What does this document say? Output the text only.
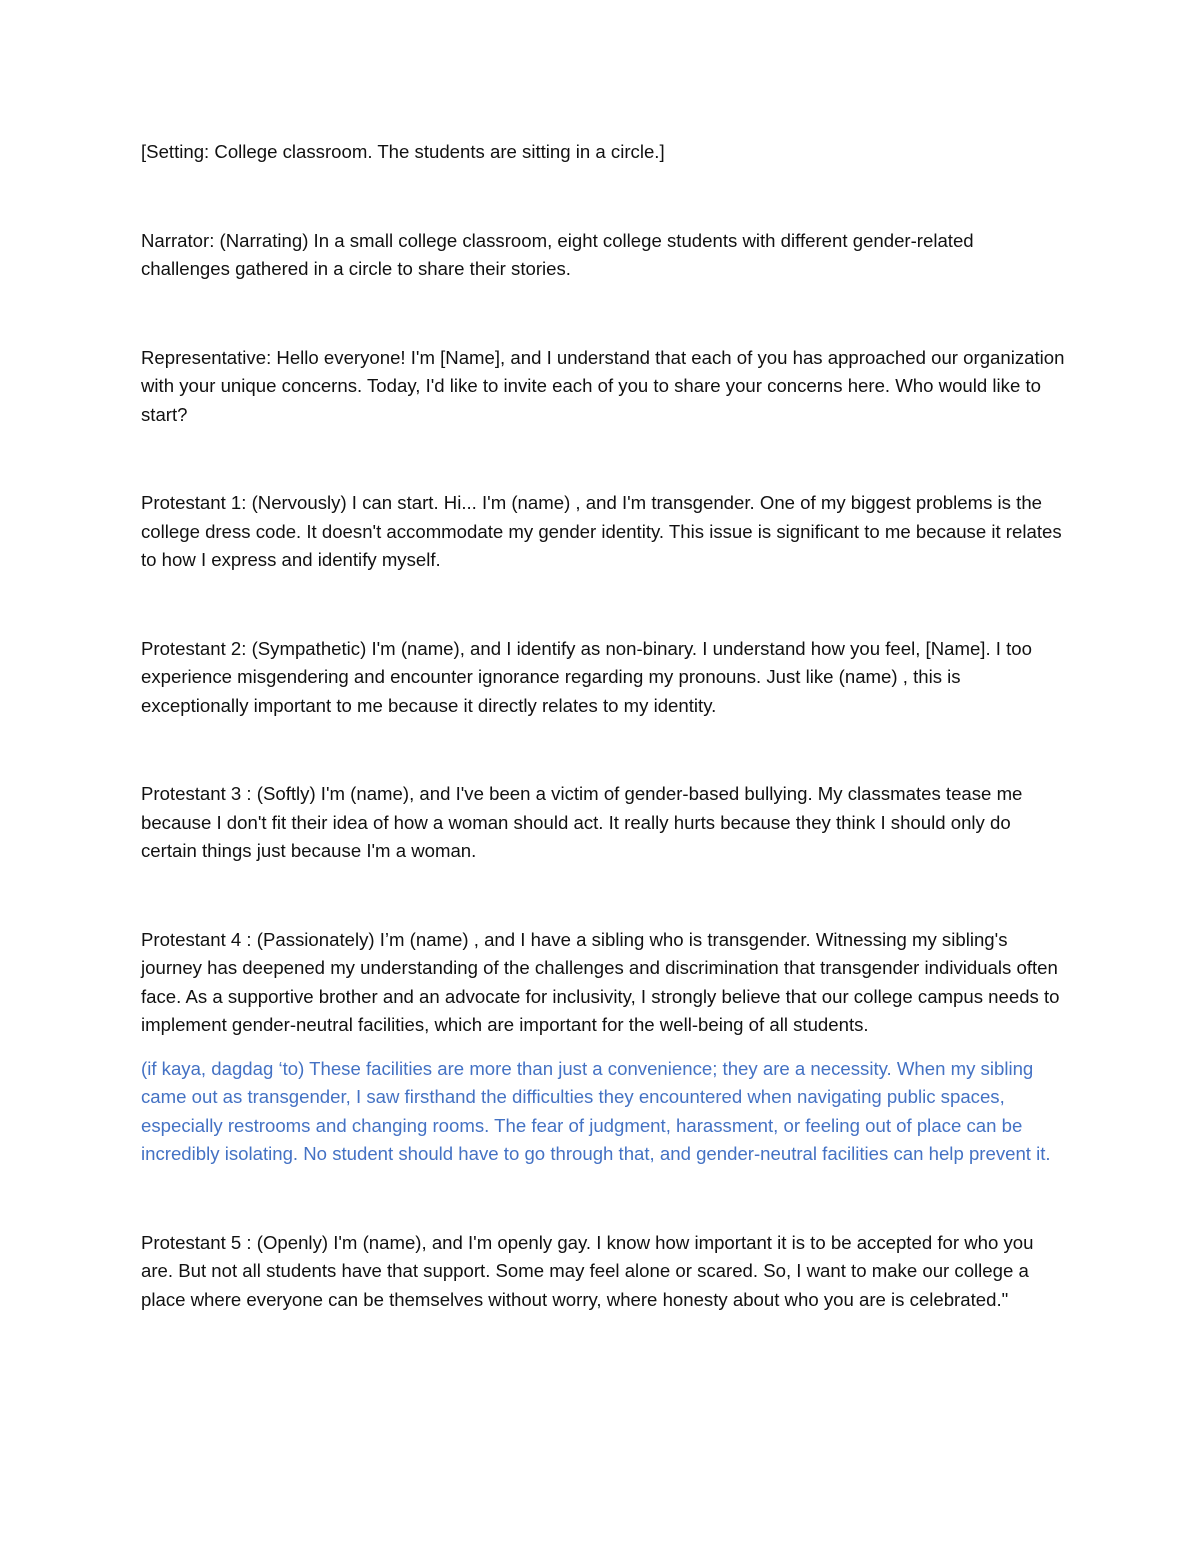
[Setting: College classroom. The students are sitting in a circle.]

Narrator: (Narrating) In a small college classroom, eight college students with different gender-related challenges gathered in a circle to share their stories.

Representative: Hello everyone! I'm [Name], and I understand that each of you has approached our organization with your unique concerns. Today, I'd like to invite each of you to share your concerns here. Who would like to start?

Protestant 1: (Nervously) I can start. Hi... I'm (name) , and I'm transgender. One of my biggest problems is the college dress code. It doesn't accommodate my gender identity. This issue is significant to me because it relates to how I express and identify myself.

Protestant 2: (Sympathetic) I'm (name), and I identify as non-binary. I understand how you feel, [Name]. I too experience misgendering and encounter ignorance regarding my pronouns. Just like (name) , this is exceptionally important to me because it directly relates to my identity.

Protestant 3 : (Softly) I'm (name), and I've been a victim of gender-based bullying. My classmates tease me because I don't fit their idea of how a woman should act. It really hurts because they think I should only do certain things just because I'm a woman.

Protestant 4 : (Passionately) I’m (name) , and I have a sibling who is transgender. Witnessing my sibling's journey has deepened my understanding of the challenges and discrimination that transgender individuals often face. As a supportive brother and an advocate for inclusivity, I strongly believe that our college campus needs to implement gender-neutral facilities, which are important for the well-being of all students.

(if kaya, dagdag ‘to) These facilities are more than just a convenience; they are a necessity. When my sibling came out as transgender, I saw firsthand the difficulties they encountered when navigating public spaces, especially restrooms and changing rooms. The fear of judgment, harassment, or feeling out of place can be incredibly isolating. No student should have to go through that, and gender-neutral facilities can help prevent it.

Protestant 5 : (Openly) I'm (name), and I'm openly gay. I know how important it is to be accepted for who you are. But not all students have that support. Some may feel alone or scared. So, I want to make our college a place where everyone can be themselves without worry, where honesty about who you are is celebrated."
